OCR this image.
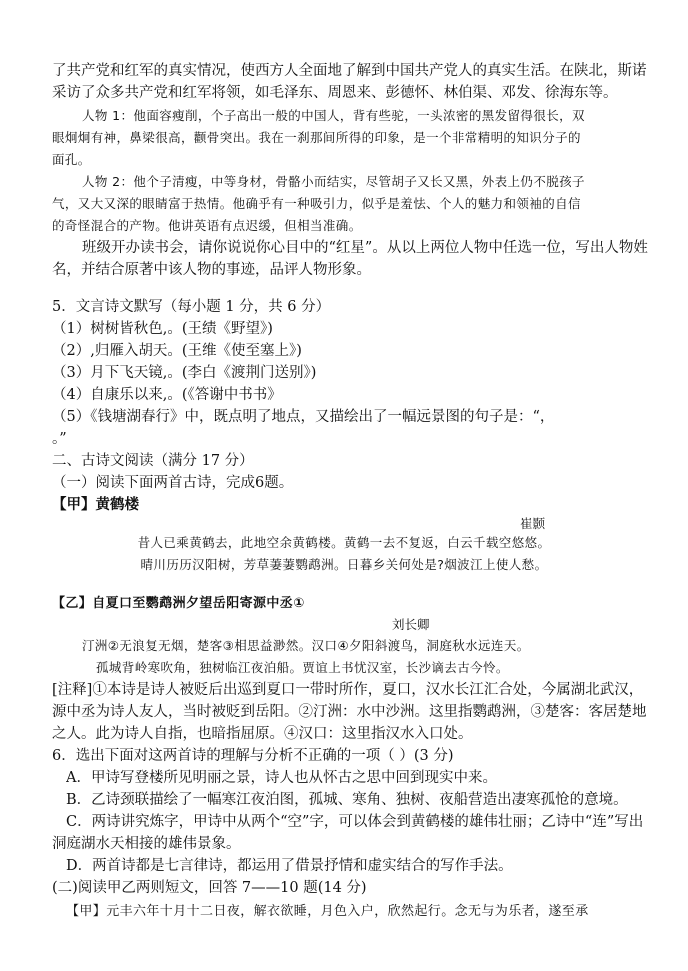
了共产党和红军的真实情况，使西方人全面地了解到中国共产党人的真实生活。在陕北，斯诺
采访了众多共产党和红军将领，如毛泽东、周恩来、彭德怀、林伯渠、邓发、徐海东等。
人物 1：他面容瘦削，个子高出一般的中国人，背有些驼，一头浓密的黑发留得很长，双
眼炯炯有神，鼻梁很高，颧骨突出。我在一刹那间所得的印象，是一个非常精明的知识分子的
面孔。
人物 2：他个子清瘦，中等身材，骨骼小而结实，尽管胡子又长又黑，外表上仍不脱孩子
气，又大又深的眼睛富于热情。他确乎有一种吸引力，似乎是羞怯、个人的魅力和领袖的自信
的奇怪混合的产物。他讲英语有点迟缓，但相当准确。
班级开办读书会，请你说说你心目中的“红星”。从以上两位人物中任选一位，写出人物姓
名，并结合原著中该人物的事迹，品评人物形象。
5．文言诗文默写（每小题 1 分，共 6 分）
（1）树树皆秋色,。(王绩《野望》)
（2）,归雁入胡天。(王维《使至塞上》)
（3）月下飞天镜,。(李白《渡荆门送别》)
（4）自康乐以来,。(《答谢中书书》
（5）《钱塘湖春行》中，既点明了地点，又描绘出了一幅远景图的句子是：“，
。”
二、古诗文阅读（满分 17 分）
（一）阅读下面两首古诗，完成6题。
【甲】黄鹤楼
崔颢
昔人已乘黄鹤去，此地空余黄鹤楼。黄鹤一去不复返，白云千载空悠悠。
晴川历历汉阳树，芳草萋萋鹦鹉洲。日暮乡关何处是?烟波江上使人愁。
【乙】自夏口至鹦鹉洲夕望岳阳寄源中丞①
刘长卿
汀洲②无浪复无烟，楚客③相思益渺然。汉口④夕阳斜渡鸟，洞庭秋水远连天。
孤城背岭寒吹角，独树临江夜泊船。贾谊上书忧汉室，长沙谪去古今怜。
[注释]①本诗是诗人被贬后出巡到夏口一带时所作，夏口，汉水长江汇合处，今属湖北武汉，
源中丞为诗人友人，当时被贬到岳阳。②汀洲：水中沙洲。这里指鹦鹉洲，③楚客：客居楚地
之人。此为诗人自指，也暗指屈原。④汉口：这里指汉水入口处。
6．选出下面对这两首诗的理解与分析不正确的一项（ ）(3 分)
A．甲诗写登楼所见明丽之景，诗人也从怀古之思中回到现实中来。
B．乙诗颈联描绘了一幅寒江夜泊图，孤城、寒角、独树、夜船营造出凄寒孤怆的意境。
C．两诗讲究炼字，甲诗中从两个“空”字，可以体会到黄鹤楼的雄伟壮丽；乙诗中“连”写出
洞庭湖水天相接的雄伟景象。
D．两首诗都是七言律诗，都运用了借景抒情和虚实结合的写作手法。
(二)阅读甲乙两则短文，回答 7——10 题(14 分)
【甲】元丰六年十月十二日夜，解衣欲睡，月色入户，欣然起行。念无与为乐者，遂至承
